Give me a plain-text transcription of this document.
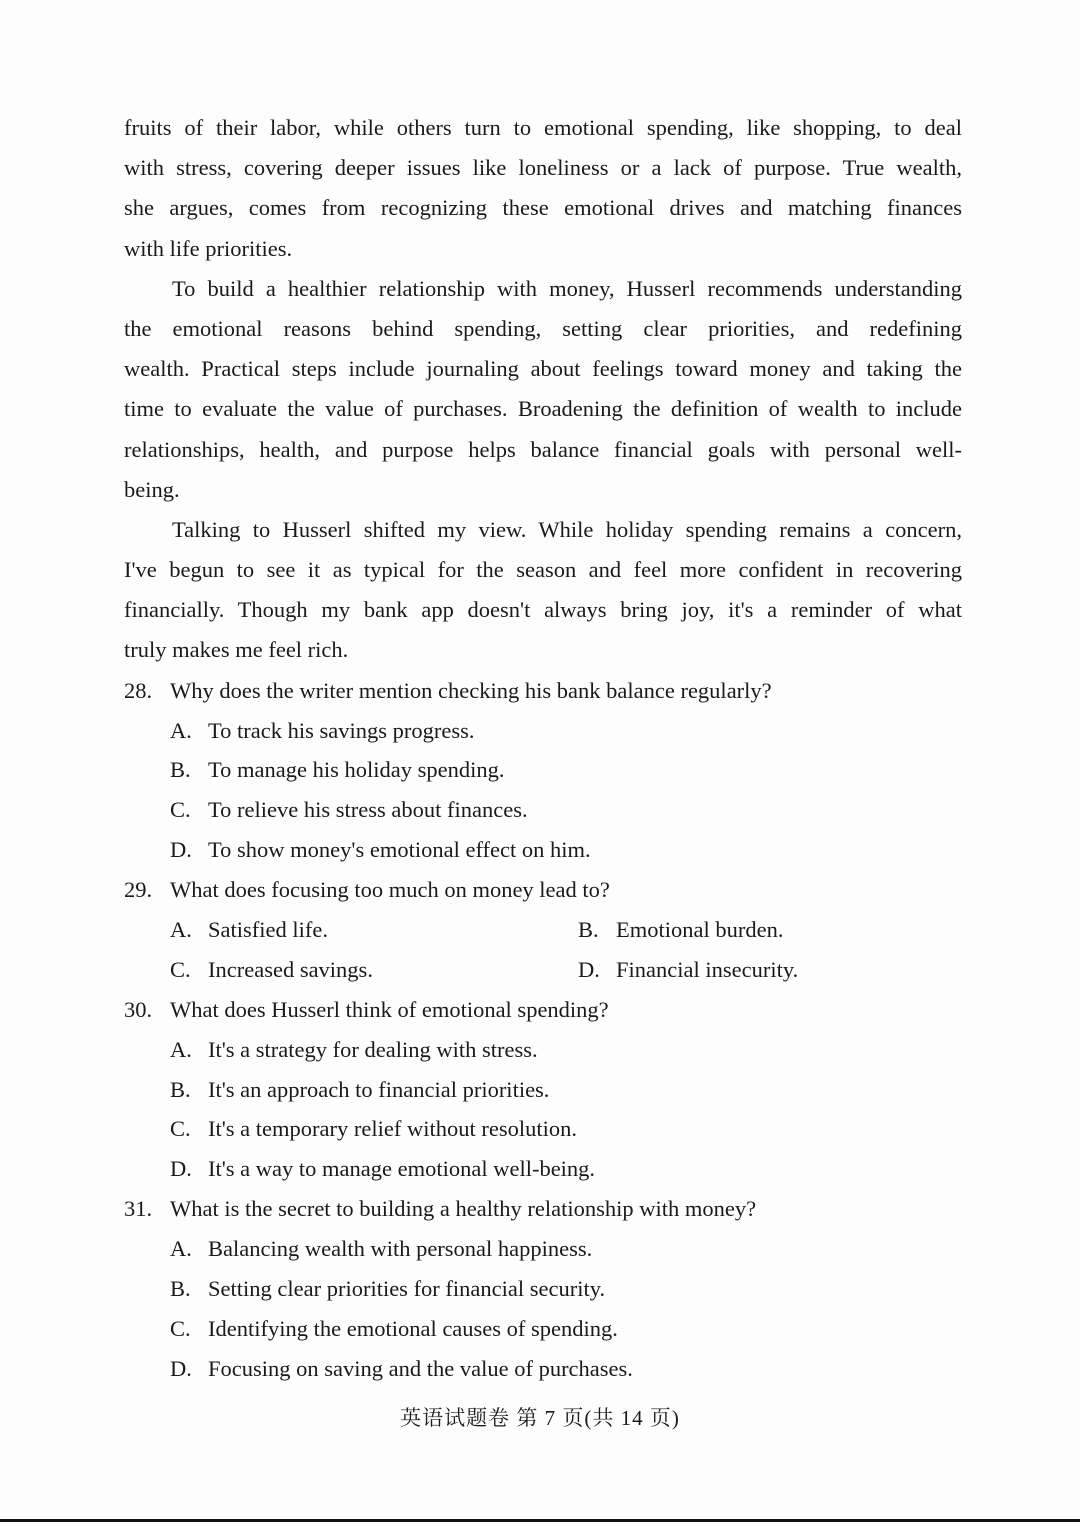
fruits of their labor, while others turn to emotional spending, like shopping, to deal
with stress, covering deeper issues like loneliness or a lack of purpose. True wealth,
she argues, comes from recognizing these emotional drives and matching finances
with life priorities.
To build a healthier relationship with money, Husserl recommends understanding
the emotional reasons behind spending, setting clear priorities, and redefining
wealth. Practical steps include journaling about feelings toward money and taking the
time to evaluate the value of purchases. Broadening the definition of wealth to include
relationships, health, and purpose helps balance financial goals with personal well-
being.
Talking to Husserl shifted my view. While holiday spending remains a concern,
I've begun to see it as typical for the season and feel more confident in recovering
financially. Though my bank app doesn't always bring joy, it's a reminder of what
truly makes me feel rich.
28. Why does the writer mention checking his bank balance regularly?
A. To track his savings progress.
B. To manage his holiday spending.
C. To relieve his stress about finances.
D. To show money's emotional effect on him.
29. What does focusing too much on money lead to?
A. Satisfied life.	B. Emotional burden.
C. Increased savings.	D. Financial insecurity.
30. What does Husserl think of emotional spending?
A. It's a strategy for dealing with stress.
B. It's an approach to financial priorities.
C. It's a temporary relief without resolution.
D. It's a way to manage emotional well-being.
31. What is the secret to building a healthy relationship with money?
A. Balancing wealth with personal happiness.
B. Setting clear priorities for financial security.
C. Identifying the emotional causes of spending.
D. Focusing on saving and the value of purchases.
英语试题卷 第 7 页(共 14 页)
